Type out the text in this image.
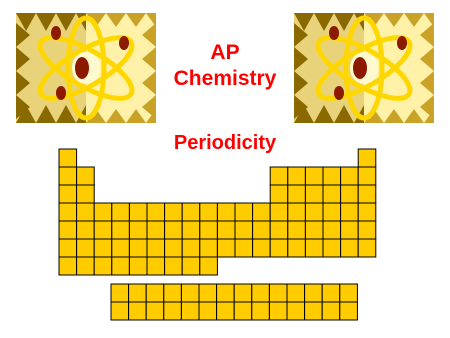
AP
Chemistry
Periodicity
